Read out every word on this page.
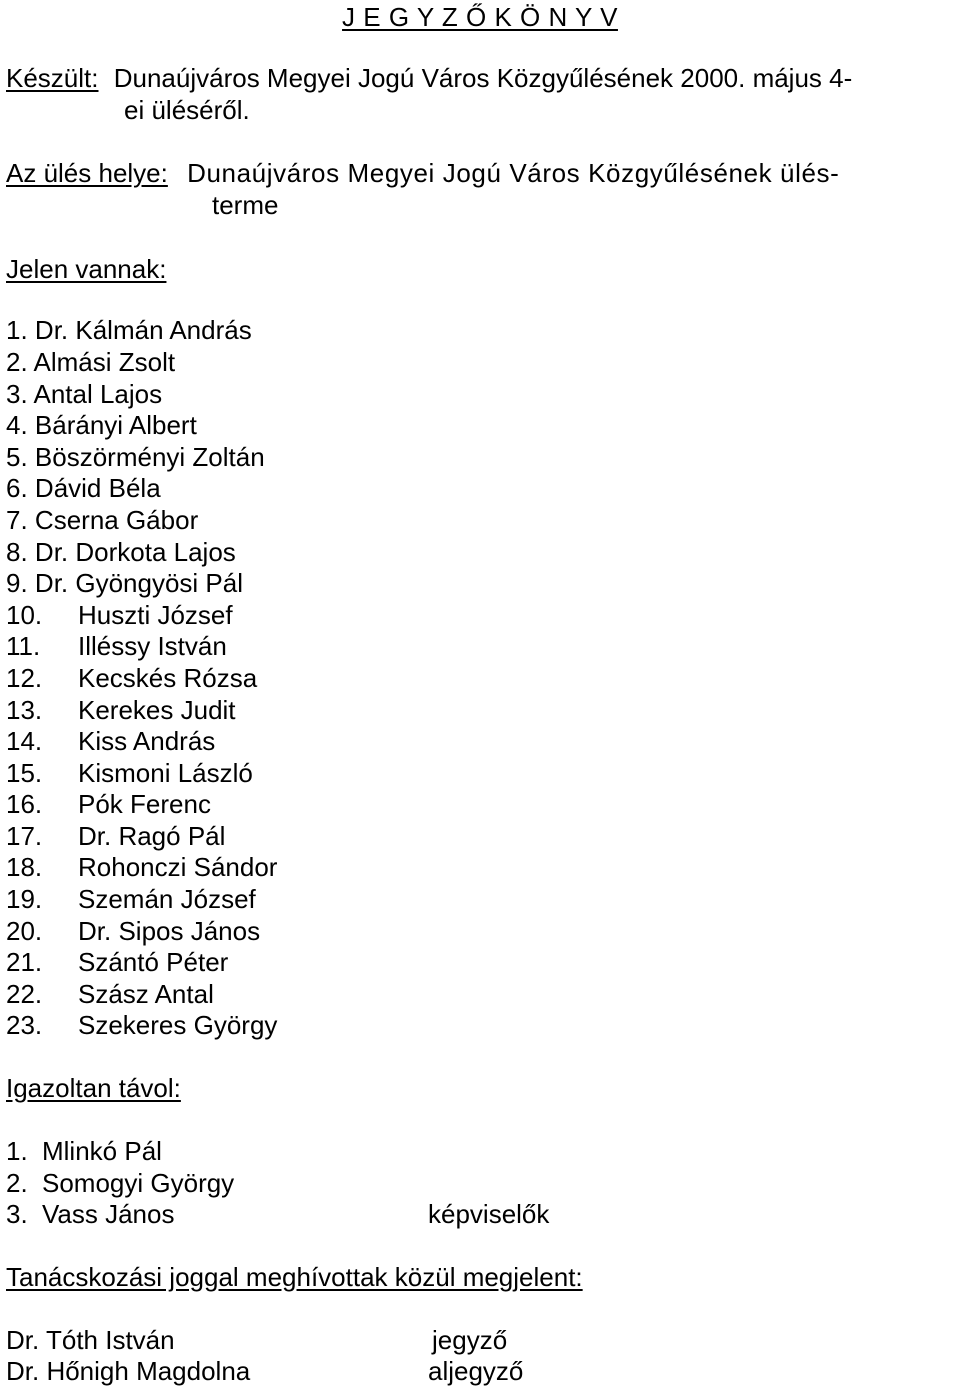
J E G Y Z Ő K Ö N Y V
Készült: Dunaújváros Megyei Jogú Város Közgyűlésének 2000. május 4-
ei üléséről.
Az ülés helye: Dunaújváros Megyei Jogú Város Közgyűlésének ülés-
terme
Jelen vannak:
1. Dr. Kálmán András
2. Almási Zsolt
3. Antal Lajos
4. Bárányi Albert
5. Böszörményi Zoltán
6. Dávid Béla
7. Cserna Gábor
8. Dr. Dorkota Lajos
9. Dr. Gyöngyösi Pál
10. Huszti József
11. Illéssy István
12. Kecskés Rózsa
13. Kerekes Judit
14. Kiss András
15. Kismoni László
16. Pók Ferenc
17. Dr. Ragó Pál
18. Rohonczi Sándor
19. Szemán József
20. Dr. Sipos János
21. Szántó Péter
22. Szász Antal
23. Szekeres György
Igazoltan távol:
1. Mlinkó Pál
2. Somogyi György
3. Vass János	képviselők
Tanácskozási joggal meghívottak közül megjelent:
Dr. Tóth István	jegyző
Dr. Hőnigh Magdolna	aljegyző
